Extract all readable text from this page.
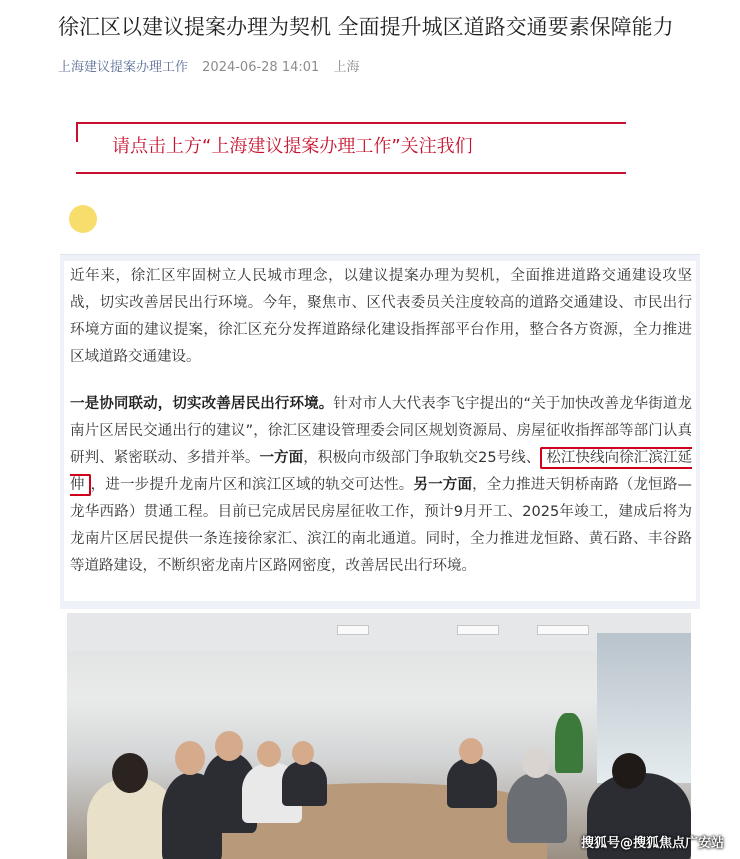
徐汇区以建议提案办理为契机 全面提升城区道路交通要素保障能力
上海建议提案办理工作 2024-06-28 14:01 上海
请点击上方“上海建议提案办理工作”关注我们
近年来，徐汇区牢固树立人民城市理念，以建议提案办理为契机，全面推进道路交通建设攻坚战，切实改善居民出行环境。今年，聚焦市、区代表委员关注度较高的道路交通建设、市民出行环境方面的建议提案，徐汇区充分发挥道路绿化建设指挥部平台作用，整合各方资源，全力推进区域道路交通建设。
一是协同联动，切实改善居民出行环境。针对市人大代表李飞宇提出的“关于加快改善龙华街道龙南片区居民交通出行的建议”，徐汇区建设管理委会同区规划资源局、房屋征收指挥部等部门认真研判、紧密联动、多措并举。一方面，积极向市级部门争取轨交25号线、 松江快线向徐汇滨江延伸 ，进一步提升龙南片区和滨江区域的轨交可达性。另一方面，全力推进天钥桥南路（龙恒路—龙华西路）贯通工程。目前已完成居民房屋征收工作，预计9月开工、2025年竣工，建成后将为龙南片区居民提供一条连接徐家汇、滨江的南北通道。同时，全力推进龙恒路、黄石路、丰谷路等道路建设，不断织密龙南片区路网密度，改善居民出行环境。
搜狐号@搜狐焦点广安站
